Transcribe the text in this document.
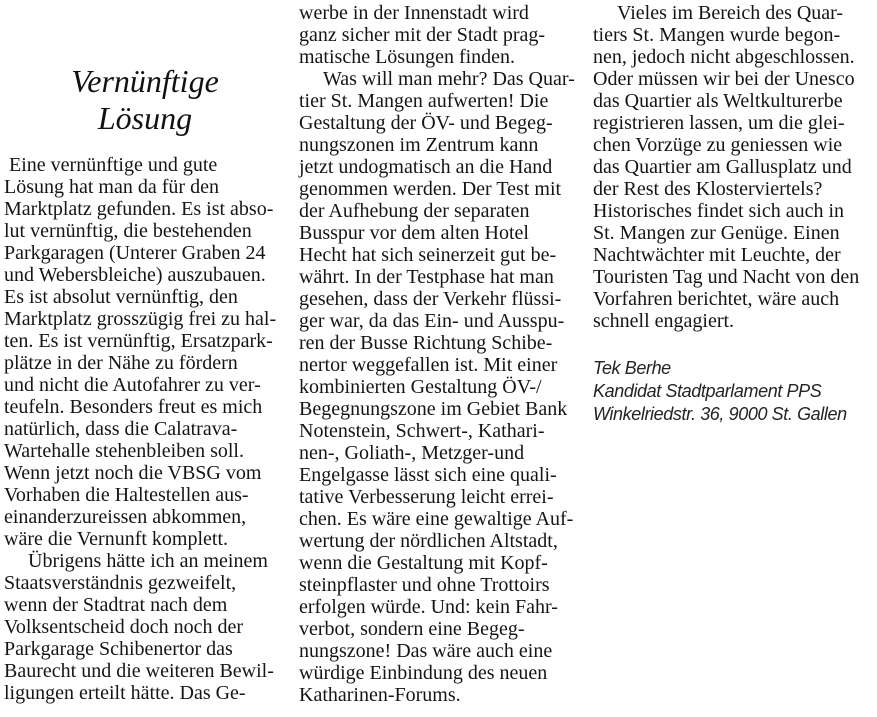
Vernünftige
Lösung
Eine vernünftige und gute
Lösung hat man da für den
Marktplatz gefunden. Es ist abso-
lut vernünftig, die bestehenden
Parkgaragen (Unterer Graben 24
und Webersbleiche) auszubauen.
Es ist absolut vernünftig, den
Marktplatz grosszügig frei zu hal-
ten. Es ist vernünftig, Ersatzpark-
plätze in der Nähe zu fördern
und nicht die Autofahrer zu ver-
teufeln. Besonders freut es mich
natürlich, dass die Calatrava-
Wartehalle stehenbleiben soll.
Wenn jetzt noch die VBSG vom
Vorhaben die Haltestellen aus-
einanderzureissen abkommen,
wäre die Vernunft komplett.
Übrigens hätte ich an meinem
Staatsverständnis gezweifelt,
wenn der Stadtrat nach dem
Volksentscheid doch noch der
Parkgarage Schibenertor das
Baurecht und die weiteren Bewil-
ligungen erteilt hätte. Das Ge-
werbe in der Innenstadt wird
ganz sicher mit der Stadt prag-
matische Lösungen finden.
Was will man mehr? Das Quar-
tier St. Mangen aufwerten! Die
Gestaltung der ÖV- und Begeg-
nungszonen im Zentrum kann
jetzt undogmatisch an die Hand
genommen werden. Der Test mit
der Aufhebung der separaten
Busspur vor dem alten Hotel
Hecht hat sich seinerzeit gut be-
währt. In der Testphase hat man
gesehen, dass der Verkehr flüssi-
ger war, da das Ein- und Ausspu-
ren der Busse Richtung Schibe-
nertor weggefallen ist. Mit einer
kombinierten Gestaltung ÖV-/
Begegnungszone im Gebiet Bank
Notenstein, Schwert-, Kathari-
nen-, Goliath-, Metzger-und
Engelgasse lässt sich eine quali-
tative Verbesserung leicht errei-
chen. Es wäre eine gewaltige Auf-
wertung der nördlichen Altstadt,
wenn die Gestaltung mit Kopf-
steinpflaster und ohne Trottoirs
erfolgen würde. Und: kein Fahr-
verbot, sondern eine Begeg-
nungszone! Das wäre auch eine
würdige Einbindung des neuen
Katharinen-Forums.
Vieles im Bereich des Quar-
tiers St. Mangen wurde begon-
nen, jedoch nicht abgeschlossen.
Oder müssen wir bei der Unesco
das Quartier als Weltkulturerbe
registrieren lassen, um die glei-
chen Vorzüge zu geniessen wie
das Quartier am Gallusplatz und
der Rest des Klosterviertels?
Historisches findet sich auch in
St. Mangen zur Genüge. Einen
Nachtwächter mit Leuchte, der
Touristen Tag und Nacht von den
Vorfahren berichtet, wäre auch
schnell engagiert.
Tek Berhe
Kandidat Stadtparlament PPS
Winkelriedstr. 36, 9000 St. Gallen
